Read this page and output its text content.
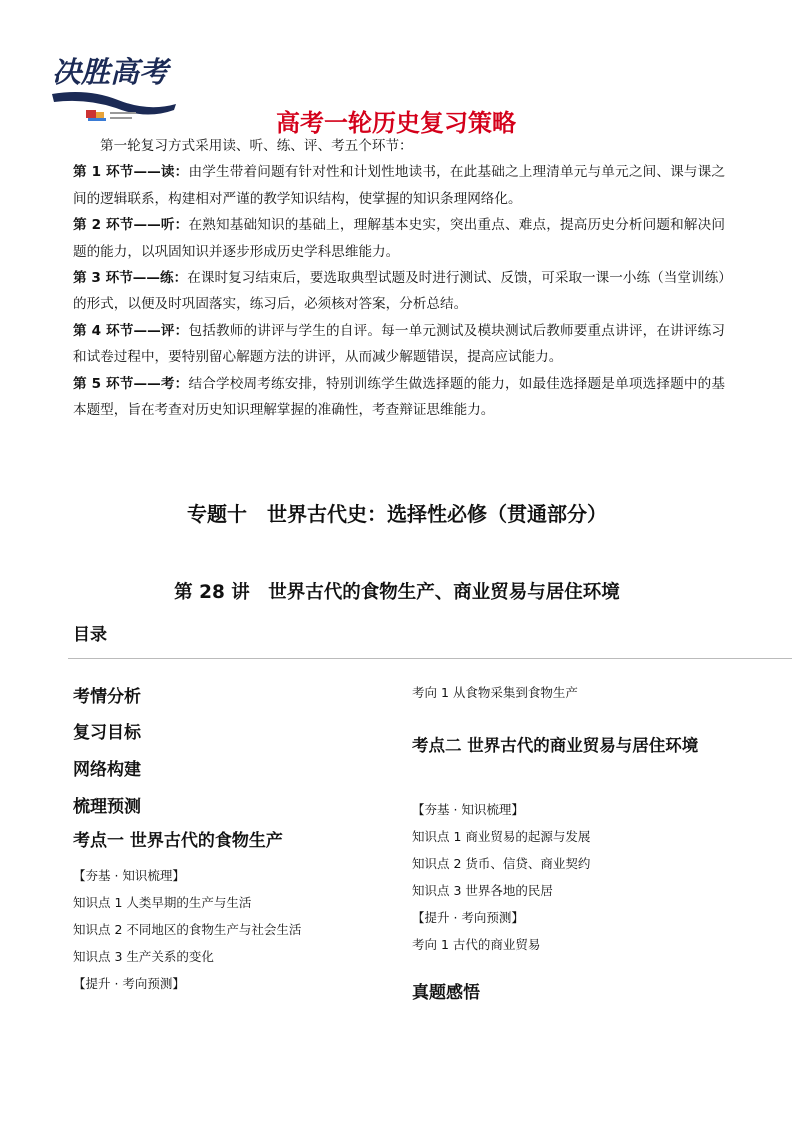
决胜高考
高考一轮历史复习策略

第一轮复习方式采用读、听、练、评、考五个环节：

第 1 环节——读：由学生带着问题有针对性和计划性地读书，在此基础之上理清单元与单元之间、课与课之间的逻辑联系，构建相对严谨的教学知识结构，使掌握的知识条理网络化。

第 2 环节——听：在熟知基础知识的基础上，理解基本史实，突出重点、难点，提高历史分析问题和解决问题的能力，以巩固知识并逐步形成历史学科思维能力。

第 3 环节——练：在课时复习结束后，要选取典型试题及时进行测试、反馈，可采取一课一小练（当堂训练）的形式，以便及时巩固落实，练习后，必须核对答案，分析总结。

第 4 环节——评：包括教师的讲评与学生的自评。每一单元测试及模块测试后教师要重点讲评，在讲评练习和试卷过程中，要特别留心解题方法的讲评，从而减少解题错误，提高应试能力。

第 5 环节——考：结合学校周考练安排，特别训练学生做选择题的能力，如最佳选择题是单项选择题中的基本题型，旨在考查对历史知识理解掌握的准确性，考查辩证思维能力。

专题十　世界古代史：选择性必修（贯通部分）
第 28 讲　世界古代的食物生产、商业贸易与居住环境
目录
考情分析
复习目标
网络构建
梳理预测
考点一 世界古代的食物生产
【夯基 · 知识梳理】
知识点 1 人类早期的生产与生活
知识点 2 不同地区的食物生产与社会生活
知识点 3 生产关系的变化
【提升 · 考向预测】
考向 1 从食物采集到食物生产
考点二 世界古代的商业贸易与居住环境
【夯基 · 知识梳理】
知识点 1 商业贸易的起源与发展
知识点 2 货币、信贷、商业契约
知识点 3 世界各地的民居
【提升 · 考向预测】
考向 1 古代的商业贸易
真题感悟
